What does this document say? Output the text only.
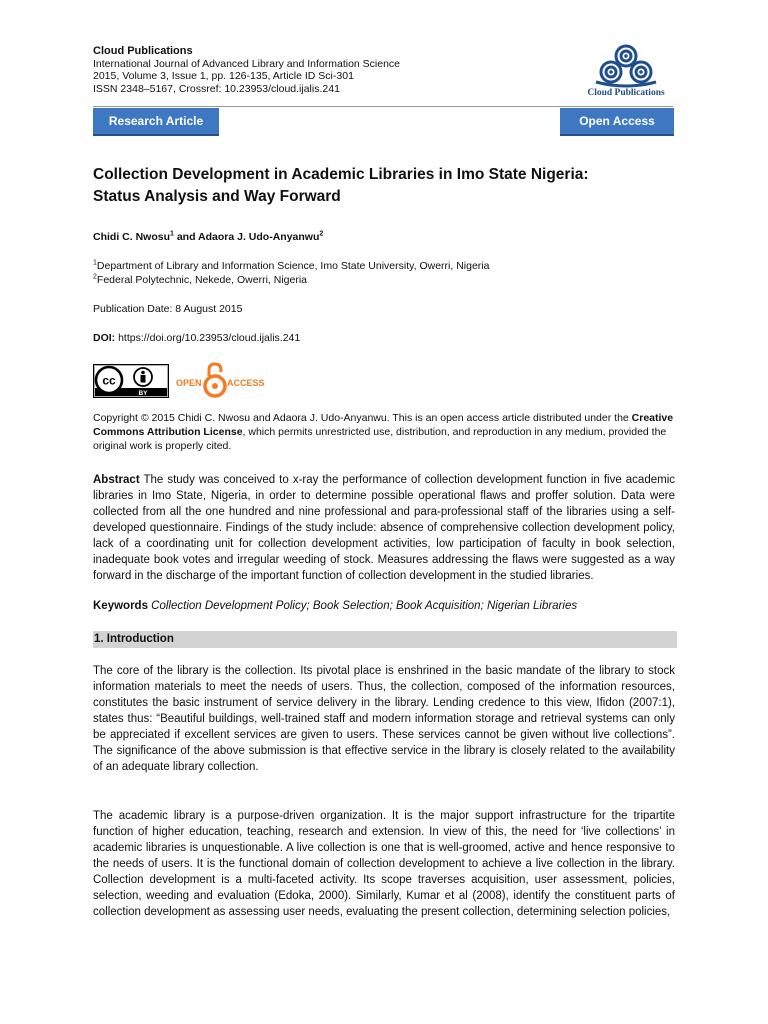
Cloud Publications
International Journal of Advanced Library and Information Science
2015, Volume 3, Issue 1, pp. 126-135, Article ID Sci-301
ISSN 2348–5167, Crossref: 10.23953/cloud.ijalis.241	Cloud Publications
Research Article	Open Access
Collection Development in Academic Libraries in Imo State Nigeria:
Status Analysis and Way Forward
Chidi C. Nwosu$^1$ and Adaora J. Udo-Anyanwu$^2$
$^1$Department of Library and Information Science, Imo State University, Owerri, Nigeria
$^2$Federal Polytechnic, Nekede, Owerri, Nigeria
Publication Date: 8 August 2015
DOI: https://doi.org/10.23953/cloud.ijalis.241
cc
BY
OPEN	ACCESS
Copyright © 2015 Chidi C. Nwosu and Adaora J. Udo-Anyanwu. This is an open access article distributed under the Creative Commons Attribution License, which permits unrestricted use, distribution, and reproduction in any medium, provided the original work is properly cited.
Abstract The study was conceived to x-ray the performance of collection development function in five academic libraries in Imo State, Nigeria, in order to determine possible operational flaws and proffer solution. Data were collected from all the one hundred and nine professional and para-professional staff of the libraries using a self-developed questionnaire. Findings of the study include: absence of comprehensive collection development policy, lack of a coordinating unit for collection development activities, low participation of faculty in book selection, inadequate book votes and irregular weeding of stock. Measures addressing the flaws were suggested as a way forward in the discharge of the important function of collection development in the studied libraries.
Keywords Collection Development Policy; Book Selection; Book Acquisition; Nigerian Libraries
1. Introduction
The core of the library is the collection. Its pivotal place is enshrined in the basic mandate of the library to stock information materials to meet the needs of users. Thus, the collection, composed of the information resources, constitutes the basic instrument of service delivery in the library. Lending credence to this view, Ifidon (2007:1), states thus: “Beautiful buildings, well-trained staff and modern information storage and retrieval systems can only be appreciated if excellent services are given to users. These services cannot be given without live collections”. The significance of the above submission is that effective service in the library is closely related to the availability of an adequate library collection.
The academic library is a purpose-driven organization. It is the major support infrastructure for the tripartite function of higher education, teaching, research and extension. In view of this, the need for ‘live collections’ in academic libraries is unquestionable. A live collection is one that is well-groomed, active and hence responsive to the needs of users. It is the functional domain of collection development to achieve a live collection in the library. Collection development is a multi-faceted activity. Its scope traverses acquisition, user assessment, policies, selection, weeding and evaluation (Edoka, 2000). Similarly, Kumar et al (2008), identify the constituent parts of collection development as assessing user needs, evaluating the present collection, determining selection policies,
